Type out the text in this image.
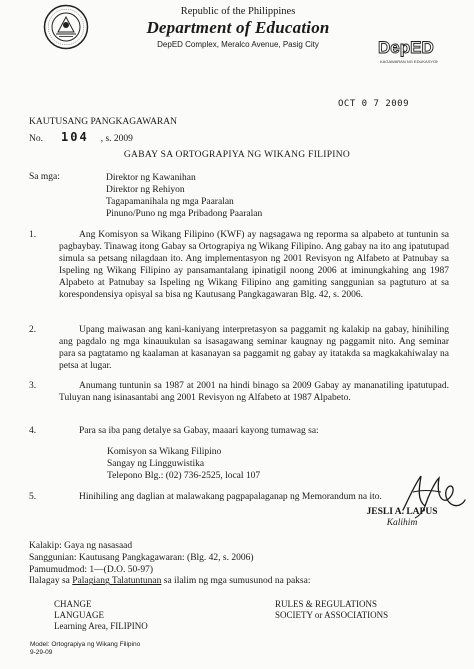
Republic of the Philippines
Department of Education
DepED Complex, Meralco Avenue, Pasig City	DepED
KAGAWARAN NG EDUKASYON
OCT 0 7 2009
KAUTUSANG PANGKAGAWARAN
No. 104 , s. 2009
GABAY SA ORTOGRAPIYA NG WIKANG FILIPINO
Sa mga:	Direktor ng Kawanihan
Direktor ng Rehiyon
Tagapamanihala ng mga Paaralan
Pinuno/Puno ng mga Pribadong Paaralan
1.	Ang Komisyon sa Wikang Filipino (KWF) ay nagsagawa ng reporma sa alpabeto at tuntunin sa pagbaybay. Tinawag itong Gabay sa Ortograpiya ng Wikang Filipino. Ang gabay na ito ang ipatutupad simula sa petsang nilagdaan ito. Ang implementasyon ng 2001 Revisyon ng Alfabeto at Patnubay sa Ispeling ng Wikang Filipino ay pansamantalang ipinatigil noong 2006 at iminungkahing ang 1987 Alpabeto at Patnubay sa Ispeling ng Wikang Filipino ang gamiting sanggunian sa pagtuturo at sa korespondensiya opisyal sa bisa ng Kautusang Pangkagawaran Blg. 42, s. 2006.
2.	Upang maiwasan ang kani-kaniyang interpretasyon sa paggamit ng kalakip na gabay, hinihiling ang pagdalo ng mga kinauukulan sa isasagawang seminar kaugnay ng paggamit nito. Ang seminar para sa pagtatamo ng kaalaman at kasanayan sa paggamit ng gabay ay itatakda sa magkakahiwalay na petsa at lugar.
3.	Anumang tuntunin sa 1987 at 2001 na hindi binago sa 2009 Gabay ay mananatiling ipatutupad. Tuluyan nang isinasantabi ang 2001 Revisyon ng Alfabeto at 1987 Alpabeto.
4.	Para sa iba pang detalye sa Gabay, maaari kayong tumawag sa:
Komisyon sa Wikang Filipino
Sangay ng Lingguwistika
Telepono Blg.: (02) 736-2525, local 107
5.	Hinihiling ang daglian at malawakang pagpapalaganap ng Memorandum na ito.
JESLI A. LAPUS
Kalihim
Kalakip: Gaya ng nasasaad
Sanggunian: Kautusang Pangkagawaran: (Blg. 42, s. 2006)
Pamumudmod: 1—(D.O. 50-97)
Ilalagay sa Palagiang Talatuntunan sa ilalim ng mga sumusunod na paksa:
CHANGE
LANGUAGE
Learning Area, FILIPINO
RULES & REGULATIONS
SOCIETY or ASSOCIATIONS
Model: Ortograpiya ng Wikang Filipino
9-29-09
